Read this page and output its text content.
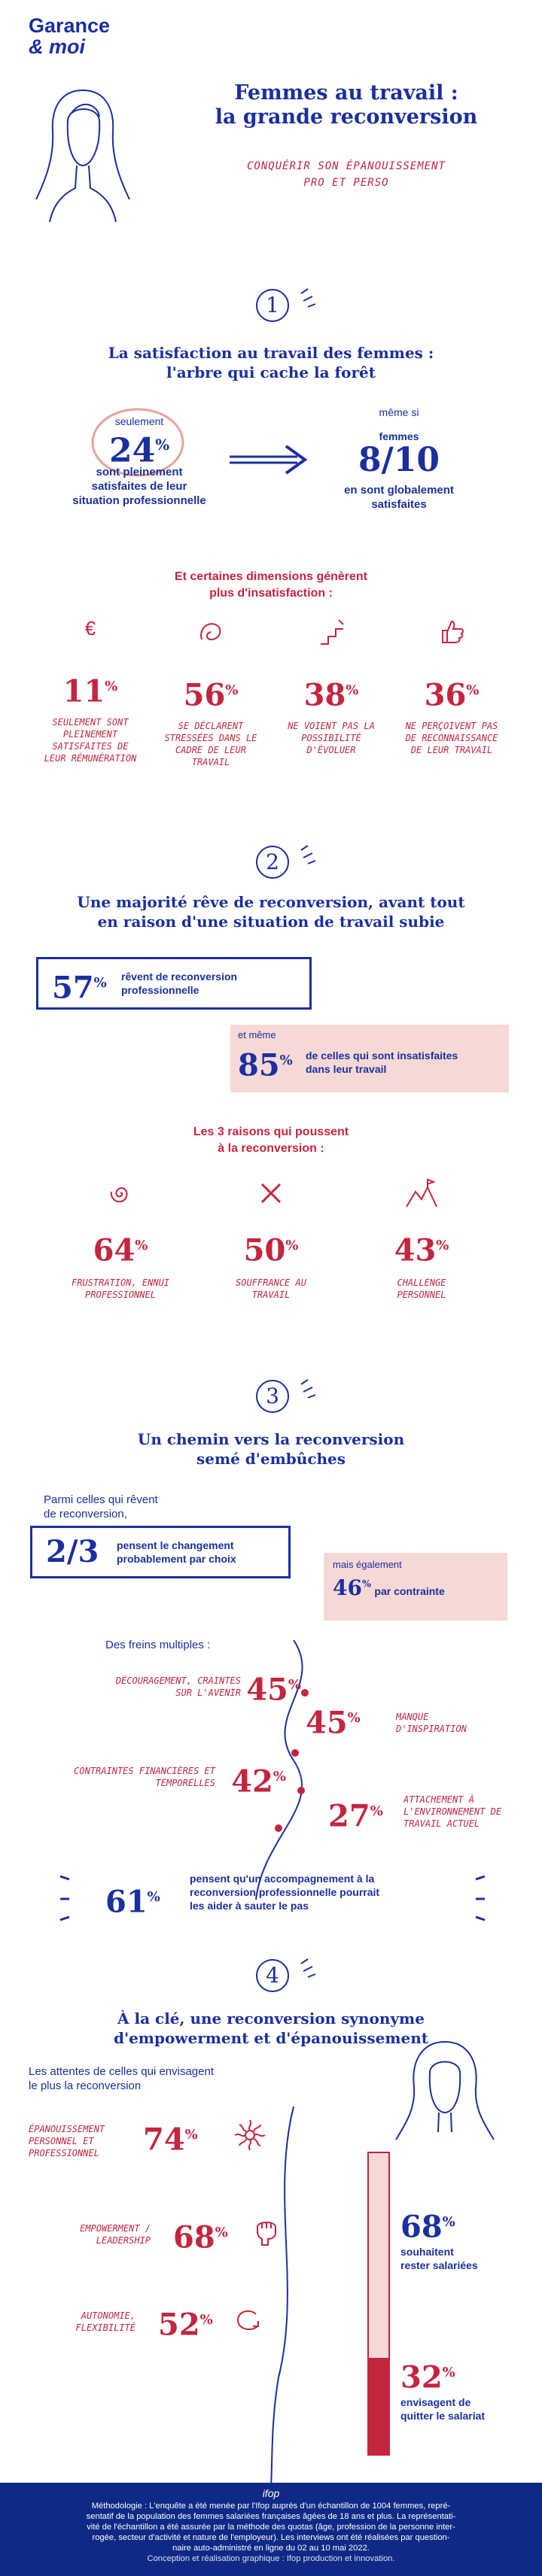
Garance
& moi
Femmes au travail :
la grande reconversion
CONQUÉRIR SON ÉPANOUISSEMENT
PRO ET PERSO
1
La satisfaction au travail des femmes :
l'arbre qui cache la forêt
seulement
24%
sont pleinement
satisfaites de leur
situation professionnelle
même si
femmes
8/10
en sont globalement
satisfaites
Et certaines dimensions génèrent
plus d'insatisfaction :
€
11%
SEULEMENT SONT PLEINEMENT SATISFAITES DE LEUR RÉMUNÉRATION
56%
SE DÉCLARENT STRESSÉES DANS LE CADRE DE LEUR TRAVAIL
38%
NE VOIENT PAS LA POSSIBILITÉ D'ÉVOLUER
36%
NE PERÇOIVENT PAS DE RECONNAISSANCE DE LEUR TRAVAIL
2
Une majorité rêve de reconversion, avant tout
en raison d'une situation de travail subie
57% rêvent de reconversion
professionnelle
et même
85% de celles qui sont insatisfaites
dans leur travail
Les 3 raisons qui poussent
à la reconversion :
64%
FRUSTRATION, ENNUI PROFESSIONNEL
50%
SOUFFRANCE AU TRAVAIL
43%
CHALLENGE PERSONNEL
3
Un chemin vers la reconversion
semé d'embûches
Parmi celles qui rêvent
de reconversion,
2/3 pensent le changement
probablement par choix	mais également
46% par contrainte
Des freins multiples :
DÉCOURAGEMENT, CRAINTES SUR L'AVENIR 45%
45%	MANQUE D'INSPIRATION
CONTRAINTES FINANCIÈRES ET TEMPORELLES 42%
27%
ATTACHEMENT À L'ENVIRONNEMENT DE TRAVAIL ACTUEL
61%
pensent qu'un accompagnement à la
reconversion professionnelle pourrait
les aider à sauter le pas
4
À la clé, une reconversion synonyme
d'empowerment et d'épanouissement
Les attentes de celles qui envisagent
le plus la reconversion
ÉPANOUISSEMENT PERSONNEL ET PROFESSIONNEL	74%
EMPOWERMENT / LEADERSHIP 68%
AUTONOMIE, FLEXIBILITÉ 52%
68%
souhaitent
rester salariées
32%
envisagent de
quitter le salariat
ifop
Méthodologie : L'enquête a été menée par l'Ifop auprès d'un échantillon de 1004 femmes, repré-
sentatif de la population des femmes salariées françaises âgées de 18 ans et plus. La représentati-
vité de l'échantillon a été assurée par la méthode des quotas (âge, profession de la personne inter-
rogée, secteur d'activité et nature de l'employeur). Les interviews ont été réalisées par question-
naire auto-administré en ligne du 02 au 10 mai 2022.
Conception et réalisation graphique : Ifop production et innovation.
